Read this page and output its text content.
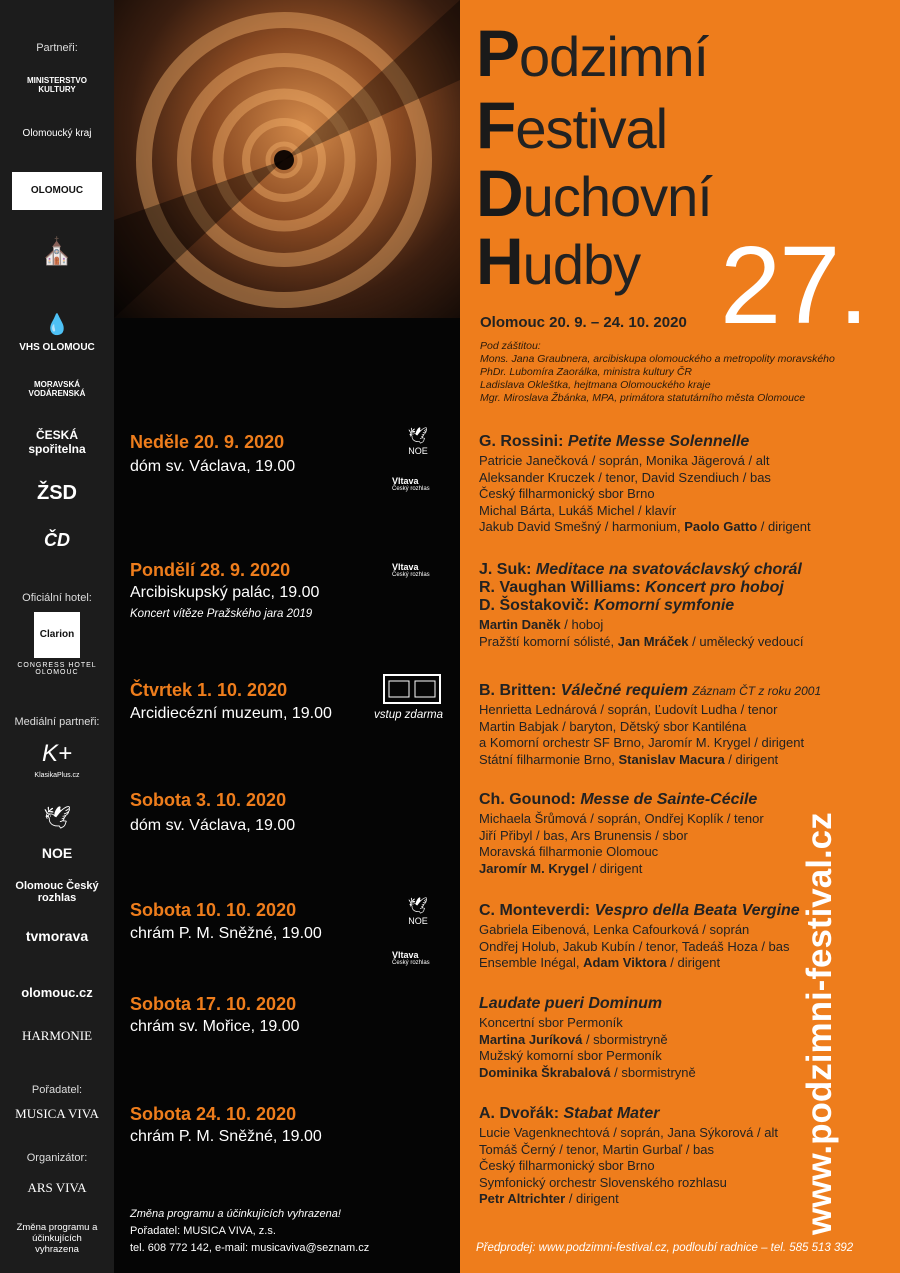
Partneři:
MINISTERSTVO KULTURY
Olomoucký kraj
OLOMOUC
⛪
💧
VHS OLOMOUC
MORAVSKÁ VODÁRENSKÁ
ČESKÁ spořitelna
ŽSD
ČD
Oficiální hotel:
Clarion
CONGRESS HOTEL OLOMOUC
Mediální partneři:
K+
KlasikaPlus.cz
🕊
NOE
Olomouc Český rozhlas
tvmorava
olomouc.cz
HARMONIE
Pořadatel:
MUSICA VIVA
Organizátor:
ARS VIVA
Změna programu a účinkujících vyhrazena
Podzimní
Festival
Duchovní
Hudby 27.
Olomouc 20. 9. – 24. 10. 2020
Pod záštitou:
Mons. Jana Graubnera, arcibiskupa olomouckého a metropolity moravského
PhDr. Lubomíra Zaorálka, ministra kultury ČR
Ladislava Okleštka, hejtmana Olomouckého kraje
Mgr. Miroslava Žbánka, MPA, primátora statutárního města Olomouce
Neděle 20. 9. 2020
dóm sv. Václava, 19.00
Pondělí 28. 9. 2020
Arcibiskupský palác, 19.00
Koncert vítěze Pražského jara 2019
Čtvrtek 1. 10. 2020
Arcidiecézní muzeum, 19.00
Sobota 3. 10. 2020
dóm sv. Václava, 19.00
Sobota 10. 10. 2020
chrám P. M. Sněžné, 19.00
Sobota 17. 10. 2020
chrám sv. Mořice, 19.00
Sobota 24. 10. 2020
chrám P. M. Sněžné, 19.00
🕊
NOE
Vltava
Český rozhlas
Vltava
Český rozhlas
vstup zdarma
🕊
NOE
Vltava
Český rozhlas
G. Rossini: Petite Messe Solennelle
Patricie Janečková / soprán, Monika Jägerová / alt
Aleksander Kruczek / tenor, David Szendiuch / bas
Český filharmonický sbor Brno
Michal Bárta, Lukáš Michel / klavír
Jakub David Smešný / harmonium, Paolo Gatto / dirigent
J. Suk: Meditace na svatováclavský chorál
R. Vaughan Williams: Koncert pro hoboj
D. Šostakovič: Komorní symfonie
Martin Daněk / hoboj
Pražští komorní sólisté, Jan Mráček / umělecký vedoucí
B. Britten: Válečné requiem Záznam ČT z roku 2001
Henrietta Lednárová / soprán, Ľudovít Ludha / tenor
Martin Babjak / baryton, Dětský sbor Kantiléna
a Komorní orchestr SF Brno, Jaromír M. Krygel / dirigent
Státní filharmonie Brno, Stanislav Macura / dirigent
Ch. Gounod: Messe de Sainte-Cécile
Michaela Šrůmová / soprán, Ondřej Koplík / tenor
Jiří Přibyl / bas, Ars Brunensis / sbor
Moravská filharmonie Olomouc
Jaromír M. Krygel / dirigent
C. Monteverdi: Vespro della Beata Vergine
Gabriela Eibenová, Lenka Cafourková / soprán
Ondřej Holub, Jakub Kubín / tenor, Tadeáš Hoza / bas
Ensemble Inégal, Adam Viktora / dirigent
Laudate pueri Dominum
Koncertní sbor Permoník
Martina Juríková / sbormistryně
Mužský komorní sbor Permoník
Dominika Škrabalová / sbormistryně
A. Dvořák: Stabat Mater
Lucie Vagenknechtová / soprán, Jana Sýkorová / alt
Tomáš Černý / tenor, Martin Gurbaľ / bas
Český filharmonický sbor Brno
Symfonický orchestr Slovenského rozhlasu
Petr Altrichter / dirigent	www.podzimni-festival.cz
Změna programu a účinkujících vyhrazena!
Pořadatel: MUSICA VIVA, z.s.
tel. 608 772 142, e-mail: musicaviva@seznam.cz	Předprodej: www.podzimni-festival.cz, podloubí radnice – tel. 585 513 392
